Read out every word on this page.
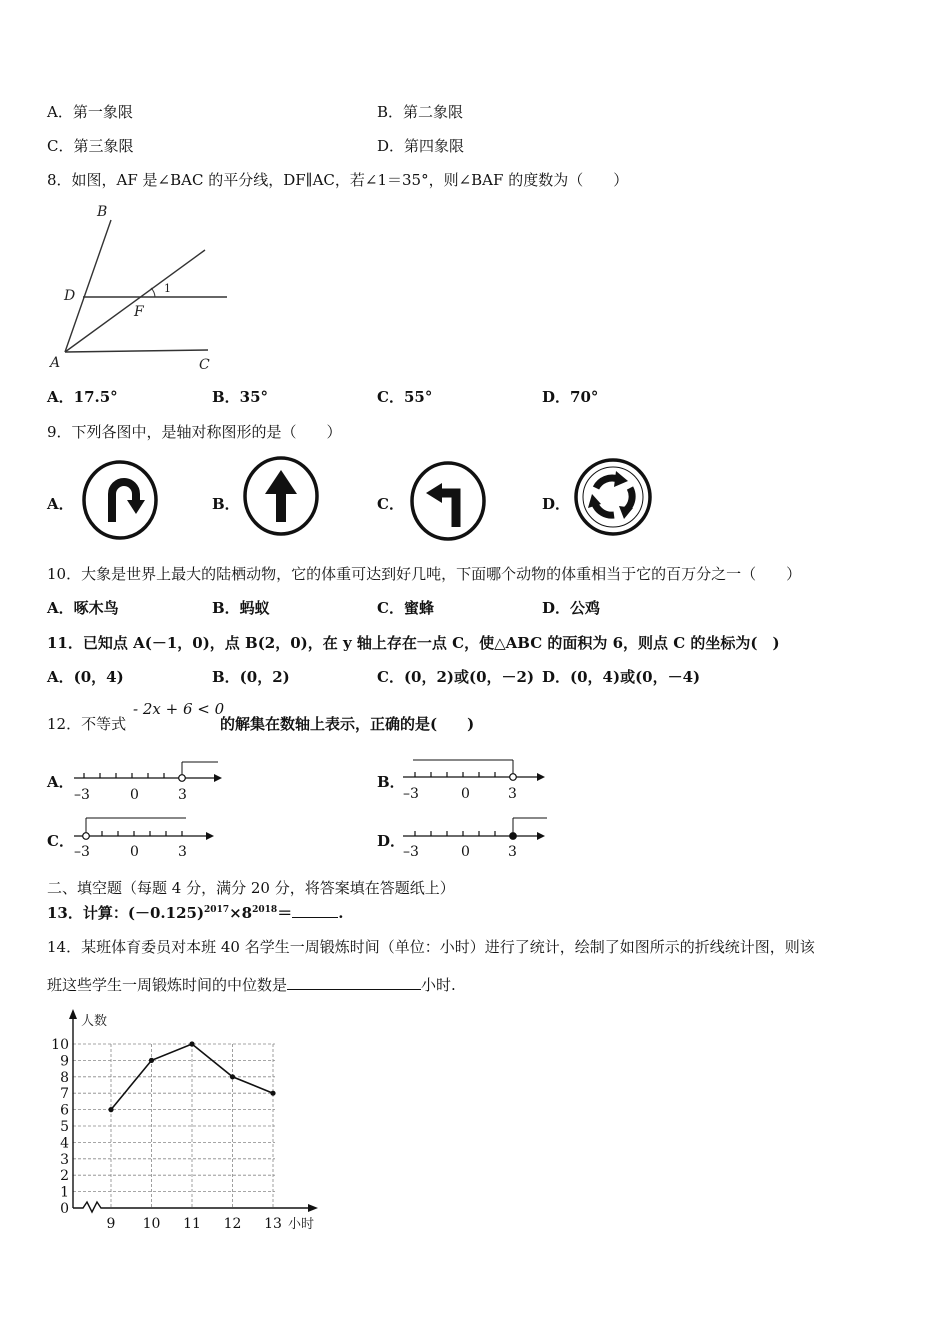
A．第一象限	B．第二象限
C．第三象限	D．第四象限
8．如图，AF 是∠BAC 的平分线，DF∥AC，若∠1＝35°，则∠BAF 的度数为（　　）
B
D
F
1
A	C
A．17.5°	B．35°	C．55°	D．70°
9．下列各图中，是轴对称图形的是（　　）
A．	B．	C．	D．
10．大象是世界上最大的陆栖动物，它的体重可达到好几吨，下面哪个动物的体重相当于它的百万分之一（　　）
A．啄木鸟	B．蚂蚁	C．蜜蜂	D．公鸡
11．已知点 A(－1，0)，点 B(2，0)，在 y 轴上存在一点 C，使△ABC 的面积为 6，则点 C 的坐标为(　)
A．(0，4)	B．(0，2)	C．(0，2)或(0，－2) D．(0，4)或(0，－4)
12．不等式
- 2x + 6 < 0
的解集在数轴上表示，正确的是(　　)
A．
–3	0	3
B．
–3	0	3
C．
–3	0	3
D．
–3	0	3
二、填空题（每题 4 分，满分 20 分，将答案填在答题纸上）
13．计算：$(-0.125)^{2017}\times 8^{2018}=$	.
14．某班体育委员对本班 40 名学生一周锻炼时间（单位：小时）进行了统计，绘制了如图所示的折线统计图，则该
班这些学生一周锻炼时间的中位数是	小时.
0
1
2
3
4
5
6
7
8
9
10
9 10 11 12 13
人数
小时
